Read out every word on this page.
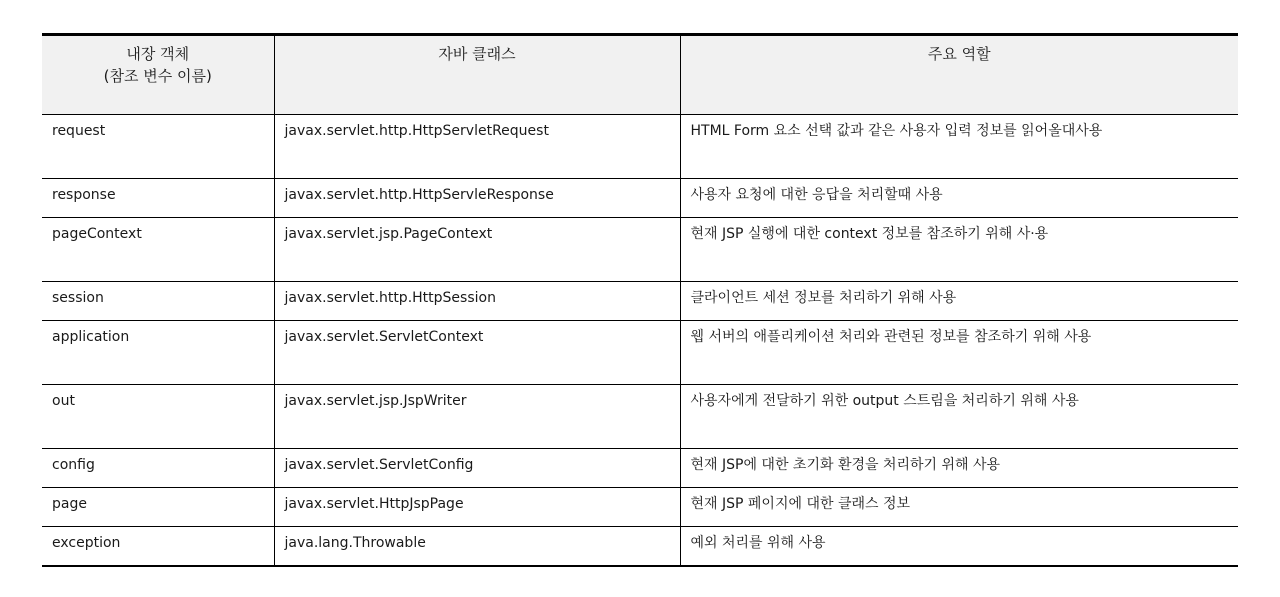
내장 객체
(참조 변수 이름)	자바 클래스	주요 역할
request	javax.servlet.http.HttpServletRequest	HTML Form 요소 선택 값과 같은 사용자 입력 정보를 읽어올대사용
response	javax.servlet.http.HttpServleResponse	사용자 요청에 대한 응답을 처리할때 사용
pageContext	javax.servlet.jsp.PageContext	현재 JSP 실행에 대한 context 정보를 참조하기 위해 사·용
session	javax.servlet.http.HttpSession	클라이언트 세션 정보를 처리하기 위해 사용
application	javax.servlet.ServletContext	웹 서버의 애플리케이션 처리와 관련된 정보를 참조하기 위해 사용
out	javax.servlet.jsp.JspWriter	사용자에게 전달하기 위한 output 스트림을 처리하기 위해 사용
config	javax.servlet.ServletConfig	현재 JSP에 대한 초기화 환경을 처리하기 위해 사용
page	javax.servlet.HttpJspPage	현재 JSP 페이지에 대한 클래스 정보
exception	java.lang.Throwable	예외 처리를 위해 사용
